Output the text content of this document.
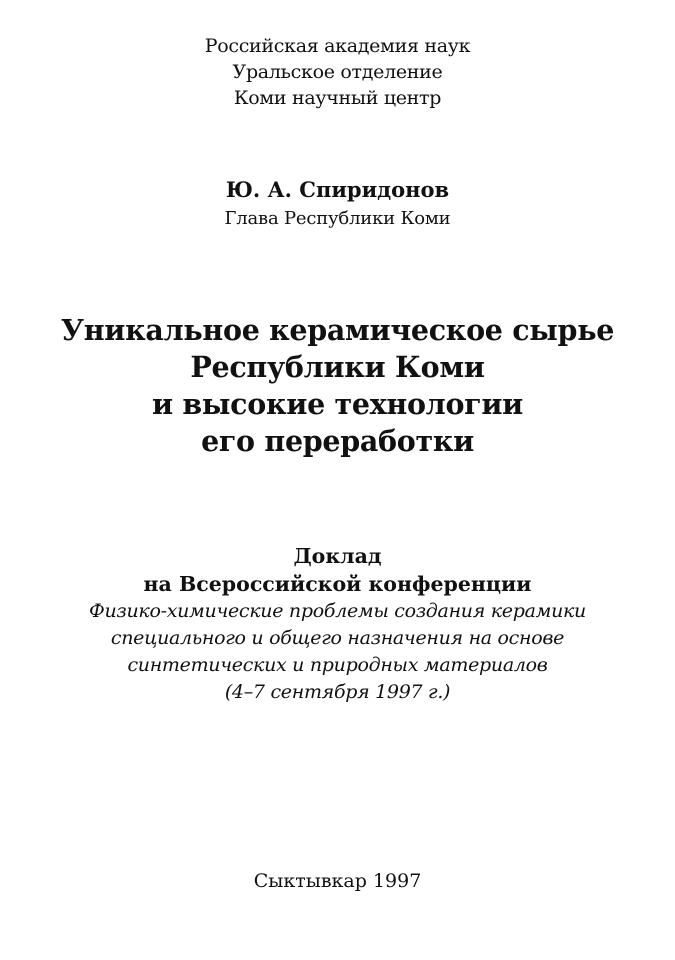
Российская академия наук
Уральское отделение
Коми научный центр
Ю. А. Спиридонов
Глава Республики Коми
Уникальное керамическое сырье
Республики Коми
и высокие технологии
его переработки
Доклад
на Всероссийской конференции
Физико-химические проблемы создания керамики
специального и общего назначения на основе
синтетических и природных материалов
(4–7 сентября 1997 г.)
Сыктывкар 1997
